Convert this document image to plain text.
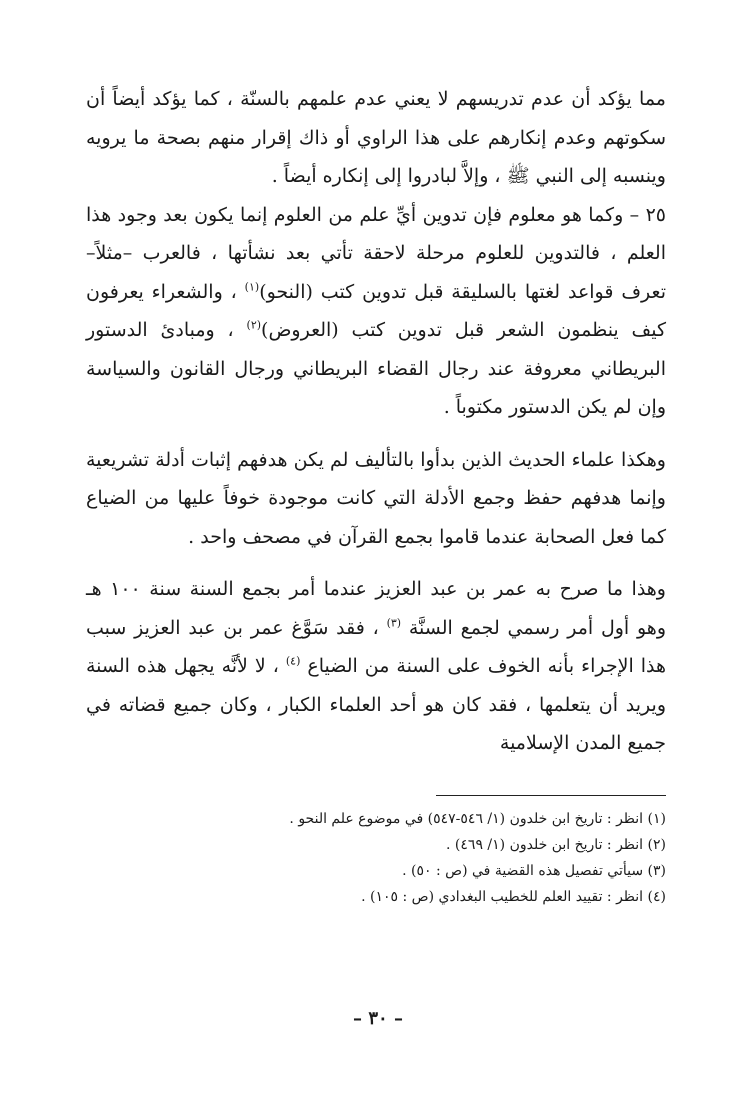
مما يؤكد أن عدم تدريسهم لا يعني عدم علمهم بالسنّة ، كما يؤكد أيضاً أن سكوتهم وعدم إنكارهم على هذا الراوي أو ذاك إقرار منهم بصحة ما يرويه وينسبه إلى النبي ﷺ ، وإلاَّ لبادروا إلى إنكاره أيضاً .

٢٥ – وكما هو معلوم فإن تدوين أيِّ علم من العلوم إنما يكون بعد وجود هذا العلم ، فالتدوين للعلوم مرحلة لاحقة تأتي بعد نشأتها ، فالعرب –مثلاً– تعرف قواعد لغتها بالسليقة قبل تدوين كتب (النحو)$^{(١)}$ ، والشعراء يعرفون كيف ينظمون الشعر قبل تدوين كتب (العروض)$^{(٢)}$ ، ومبادئ الدستور البريطاني معروفة عند رجال القضاء البريطاني ورجال القانون والسياسة وإن لم يكن الدستور مكتوباً .

وهكذا علماء الحديث الذين بدأوا بالتأليف لم يكن هدفهم إثبات أدلة تشريعية وإنما هدفهم حفظ وجمع الأدلة التي كانت موجودة خوفاً عليها من الضياع كما فعل الصحابة عندما قاموا بجمع القرآن في مصحف واحد .

وهذا ما صرح به عمر بن عبد العزيز عندما أمر بجمع السنة سنة ١٠٠ هـ وهو أول أمر رسمي لجمع السنَّة $^{(٣)}$ ، فقد سَوَّغ عمر بن عبد العزيز سبب هذا الإجراء بأنه الخوف على السنة من الضياع $^{(٤)}$ ، لا لأنَّه يجهل هذه السنة ويريد أن يتعلمها ، فقد كان هو أحد العلماء الكبار ، وكان جميع قضاته في جميع المدن الإسلامية

(١) انظر : تاريخ ابن خلدون (١/ ٥٤٦-٥٤٧) في موضوع علم النحو .

(٢) انظر : تاريخ ابن خلدون (١/ ٤٦٩) .

(٣) سيأتي تفصيل هذه القضية في (ص : ٥٠) .

(٤) انظر : تقييد العلم للخطيب البغدادي (ص : ١٠٥) .

– ٣٠ –
